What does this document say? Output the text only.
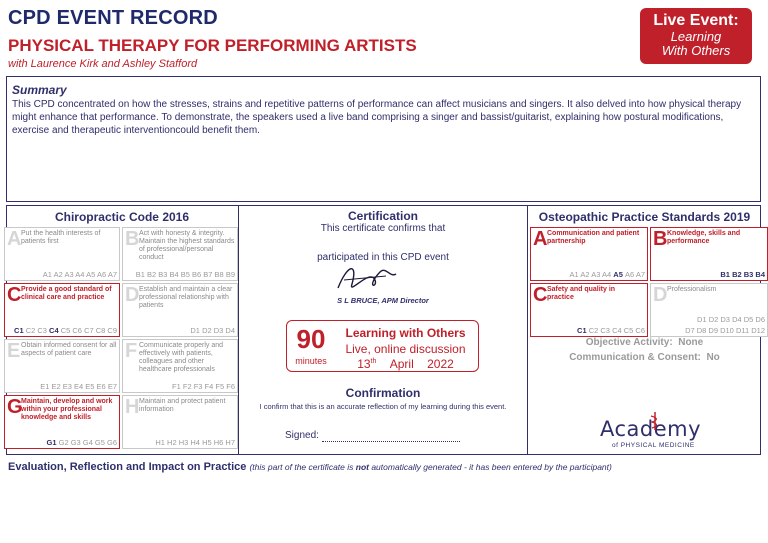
CPD EVENT RECORD
PHYSICAL THERAPY FOR PERFORMING ARTISTS
with Laurence Kirk and Ashley Stafford
Live Event:
Learning
With Others
Summary
This CPD concentrated on how the stresses, strains and repetitive patterns of performance can affect musicians and singers. It also delved into how physical therapy might enhance that performance. To demonstrate, the speakers used a live band comprising a singer and bassist/guitarist, explaining how postural modifications, exercise and therapeutic interventioncould benefit them.
Chiropractic Code 2016
A Put the health interests of patients first
A1 A2 A3 A4 A5 A6 A7
B Act with honesty & integrity. Maintain the highest standards of professional/personal conduct
B1 B2 B3 B4 B5 B6 B7 B8 B9
C Provide a good standard of clinical care and practice
C1 C2 C3 C4 C5 C6 C7 C8 C9
D Establish and maintain a clear professional relationship with patients
D1 D2 D3 D4
E Obtain informed consent for all aspects of patient care
E1 E2 E3 E4 E5 E6 E7
F Communicate properly and effectively with patients, colleagues and other healthcare professionals
F1 F2 F3 F4 F5 F6
G
Maintain, develop and work within your professional knowledge and skills
G1 G2 G3 G4 G5 G6
H Maintain and protect patient information
H1 H2 H3 H4 H5 H6 H7
Certification
This certificate confirms that
participated in this CPD event
S L BRUCE, APM Director
90
minutes
Learning with Others
Live, online discussion
13th April 2022
Confirmation
I confirm that this is an accurate reflection of my learning during this event.
Signed:
Osteopathic Practice Standards 2019
A Communication and patient partnership
A1 A2 A3 A4 A5 A6 A7
B Knowledge, skills and performance
B1 B2 B3 B4
C Safety and quality in practice
C1 C2 C3 C4 C5 C6
D Professionalism
D1 D2 D3 D4 D5 D6
D7 D8 D9 D10 D11 D12
Objective Activity: None
Communication & Consent: No
Academy
of PHYSICAL MEDICINE
Evaluation, Reflection and Impact on Practice (this part of the certificate is not automatically generated - it has been entered by the participant)
